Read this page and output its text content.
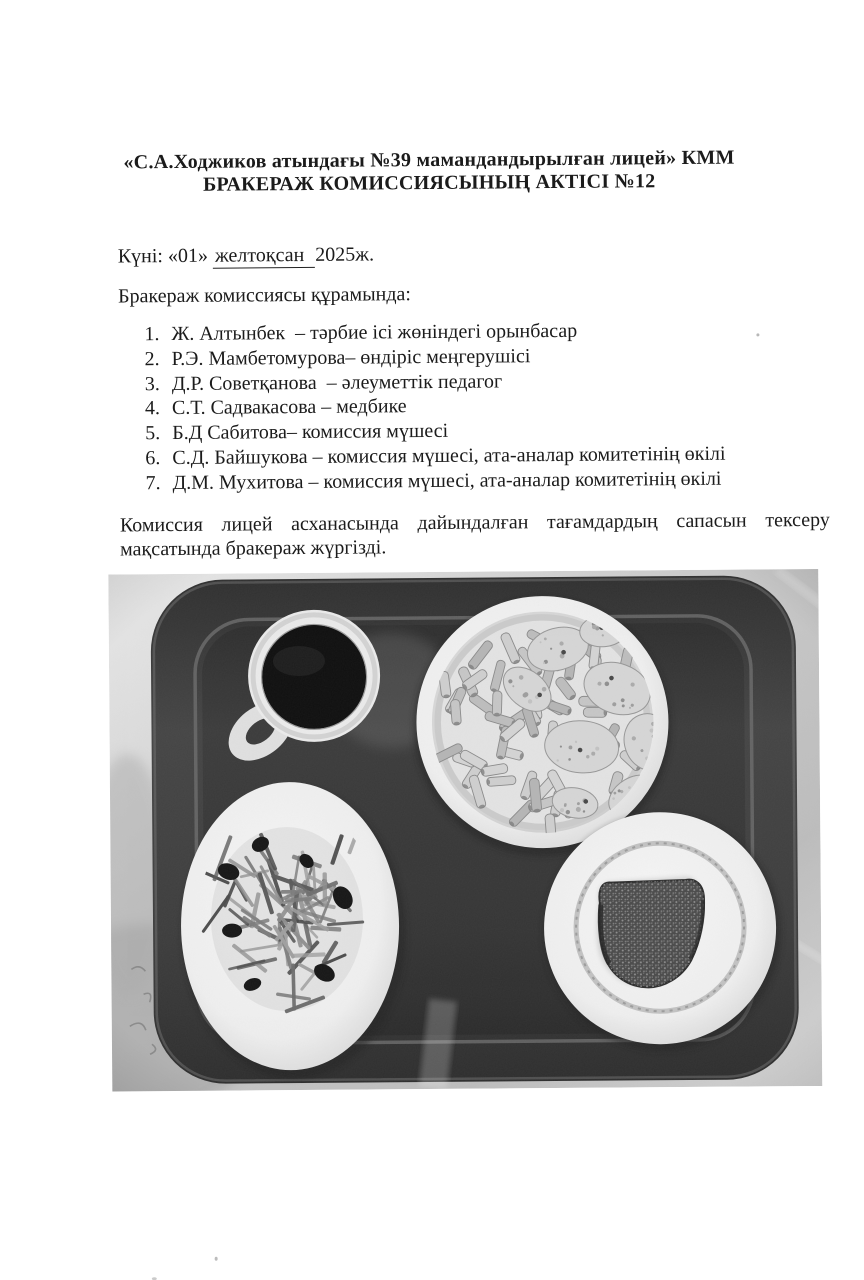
«С.А.Ходжиков атындағы №39 мамандандырылған лицей» КММ
БРАКЕРАЖ КОМИССИЯСЫНЫҢ АКТІСІ №12
Күні: «01» желтоқсан 2025ж.
Бракераж комиссиясы құрамында:
1. Ж. Алтынбек  – тәрбие ісі жөніндегі орынбасар
2. Р.Э. Мамбетомурова– өндіріс меңгерушісі
3. Д.Р. Советқанова  – әлеуметтік педагог
4. С.Т. Садвакасова – медбике
5. Б.Д Сабитова– комиссия мүшесі
6. С.Д. Байшукова – комиссия мүшесі, ата-аналар комитетінің өкілі
7. Д.М. Мухитова – комиссия мүшесі, ата-аналар комитетінің өкілі
Комиссия лицей асханасында дайындалған тағамдардың сапасын тексеру
мақсатында бракераж жүргізді.
